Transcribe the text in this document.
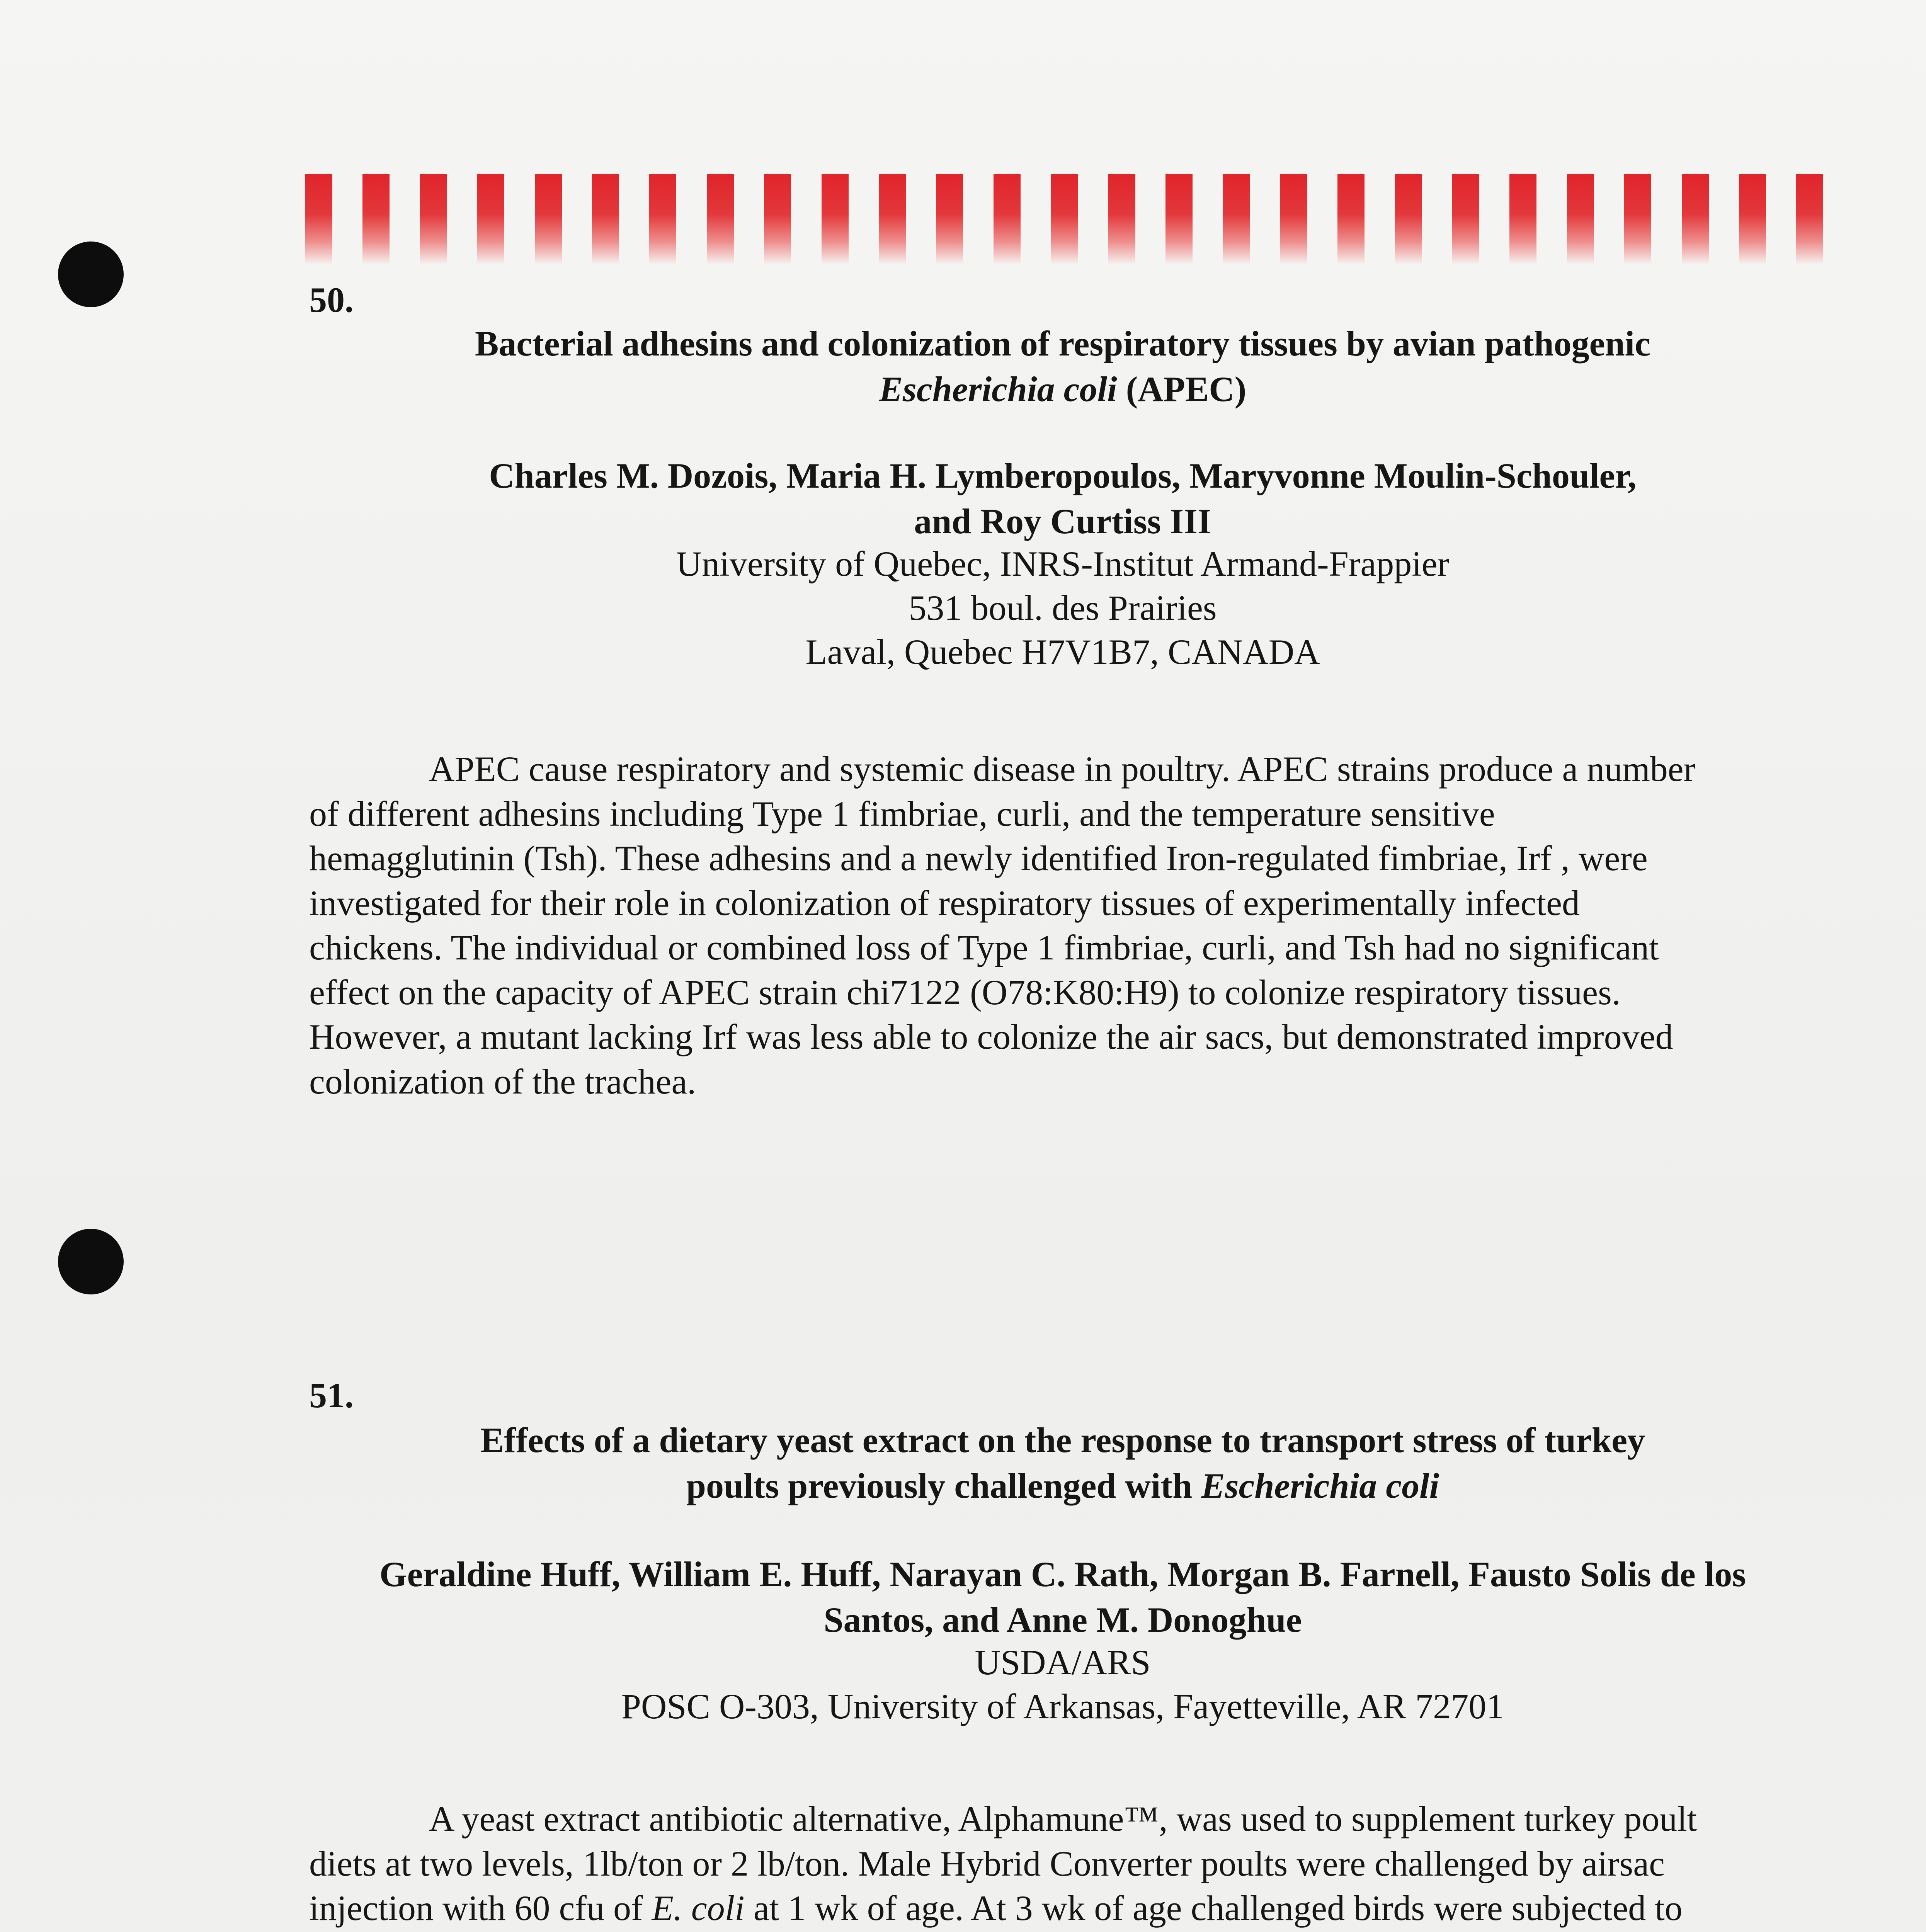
50.
Bacterial adhesins and colonization of respiratory tissues by avian pathogenic
Escherichia coli (APEC)

Charles M. Dozois, Maria H. Lymberopoulos, Maryvonne Moulin-Schouler,
and Roy Curtiss III

University of Quebec, INRS-Institut Armand-Frappier
531 boul. des Prairies
Laval, Quebec H7V1B7, CANADA

APEC cause respiratory and systemic disease in poultry. APEC strains produce a number
of different adhesins including Type 1 fimbriae, curli, and the temperature sensitive
hemagglutinin (Tsh). These adhesins and a newly identified Iron-regulated fimbriae, Irf , were
investigated for their role in colonization of respiratory tissues of experimentally infected
chickens. The individual or combined loss of Type 1 fimbriae, curli, and Tsh had no significant
effect on the capacity of APEC strain chi7122 (O78:K80:H9) to colonize respiratory tissues.
However, a mutant lacking Irf was less able to colonize the air sacs, but demonstrated improved
colonization of the trachea.

51.
Effects of a dietary yeast extract on the response to transport stress of turkey
poults previously challenged with Escherichia coli

Geraldine Huff, William E. Huff, Narayan C. Rath, Morgan B. Farnell, Fausto Solis de los
Santos, and Anne M. Donoghue

USDA/ARS
POSC O-303, University of Arkansas, Fayetteville, AR 72701

A yeast extract antibiotic alternative, Alphamune™, was used to supplement turkey poult
diets at two levels, 1lb/ton or 2 lb/ton. Male Hybrid Converter poults were challenged by airsac
injection with 60 cfu of E. coli at 1 wk of age. At 3 wk of age challenged birds were subjected to
